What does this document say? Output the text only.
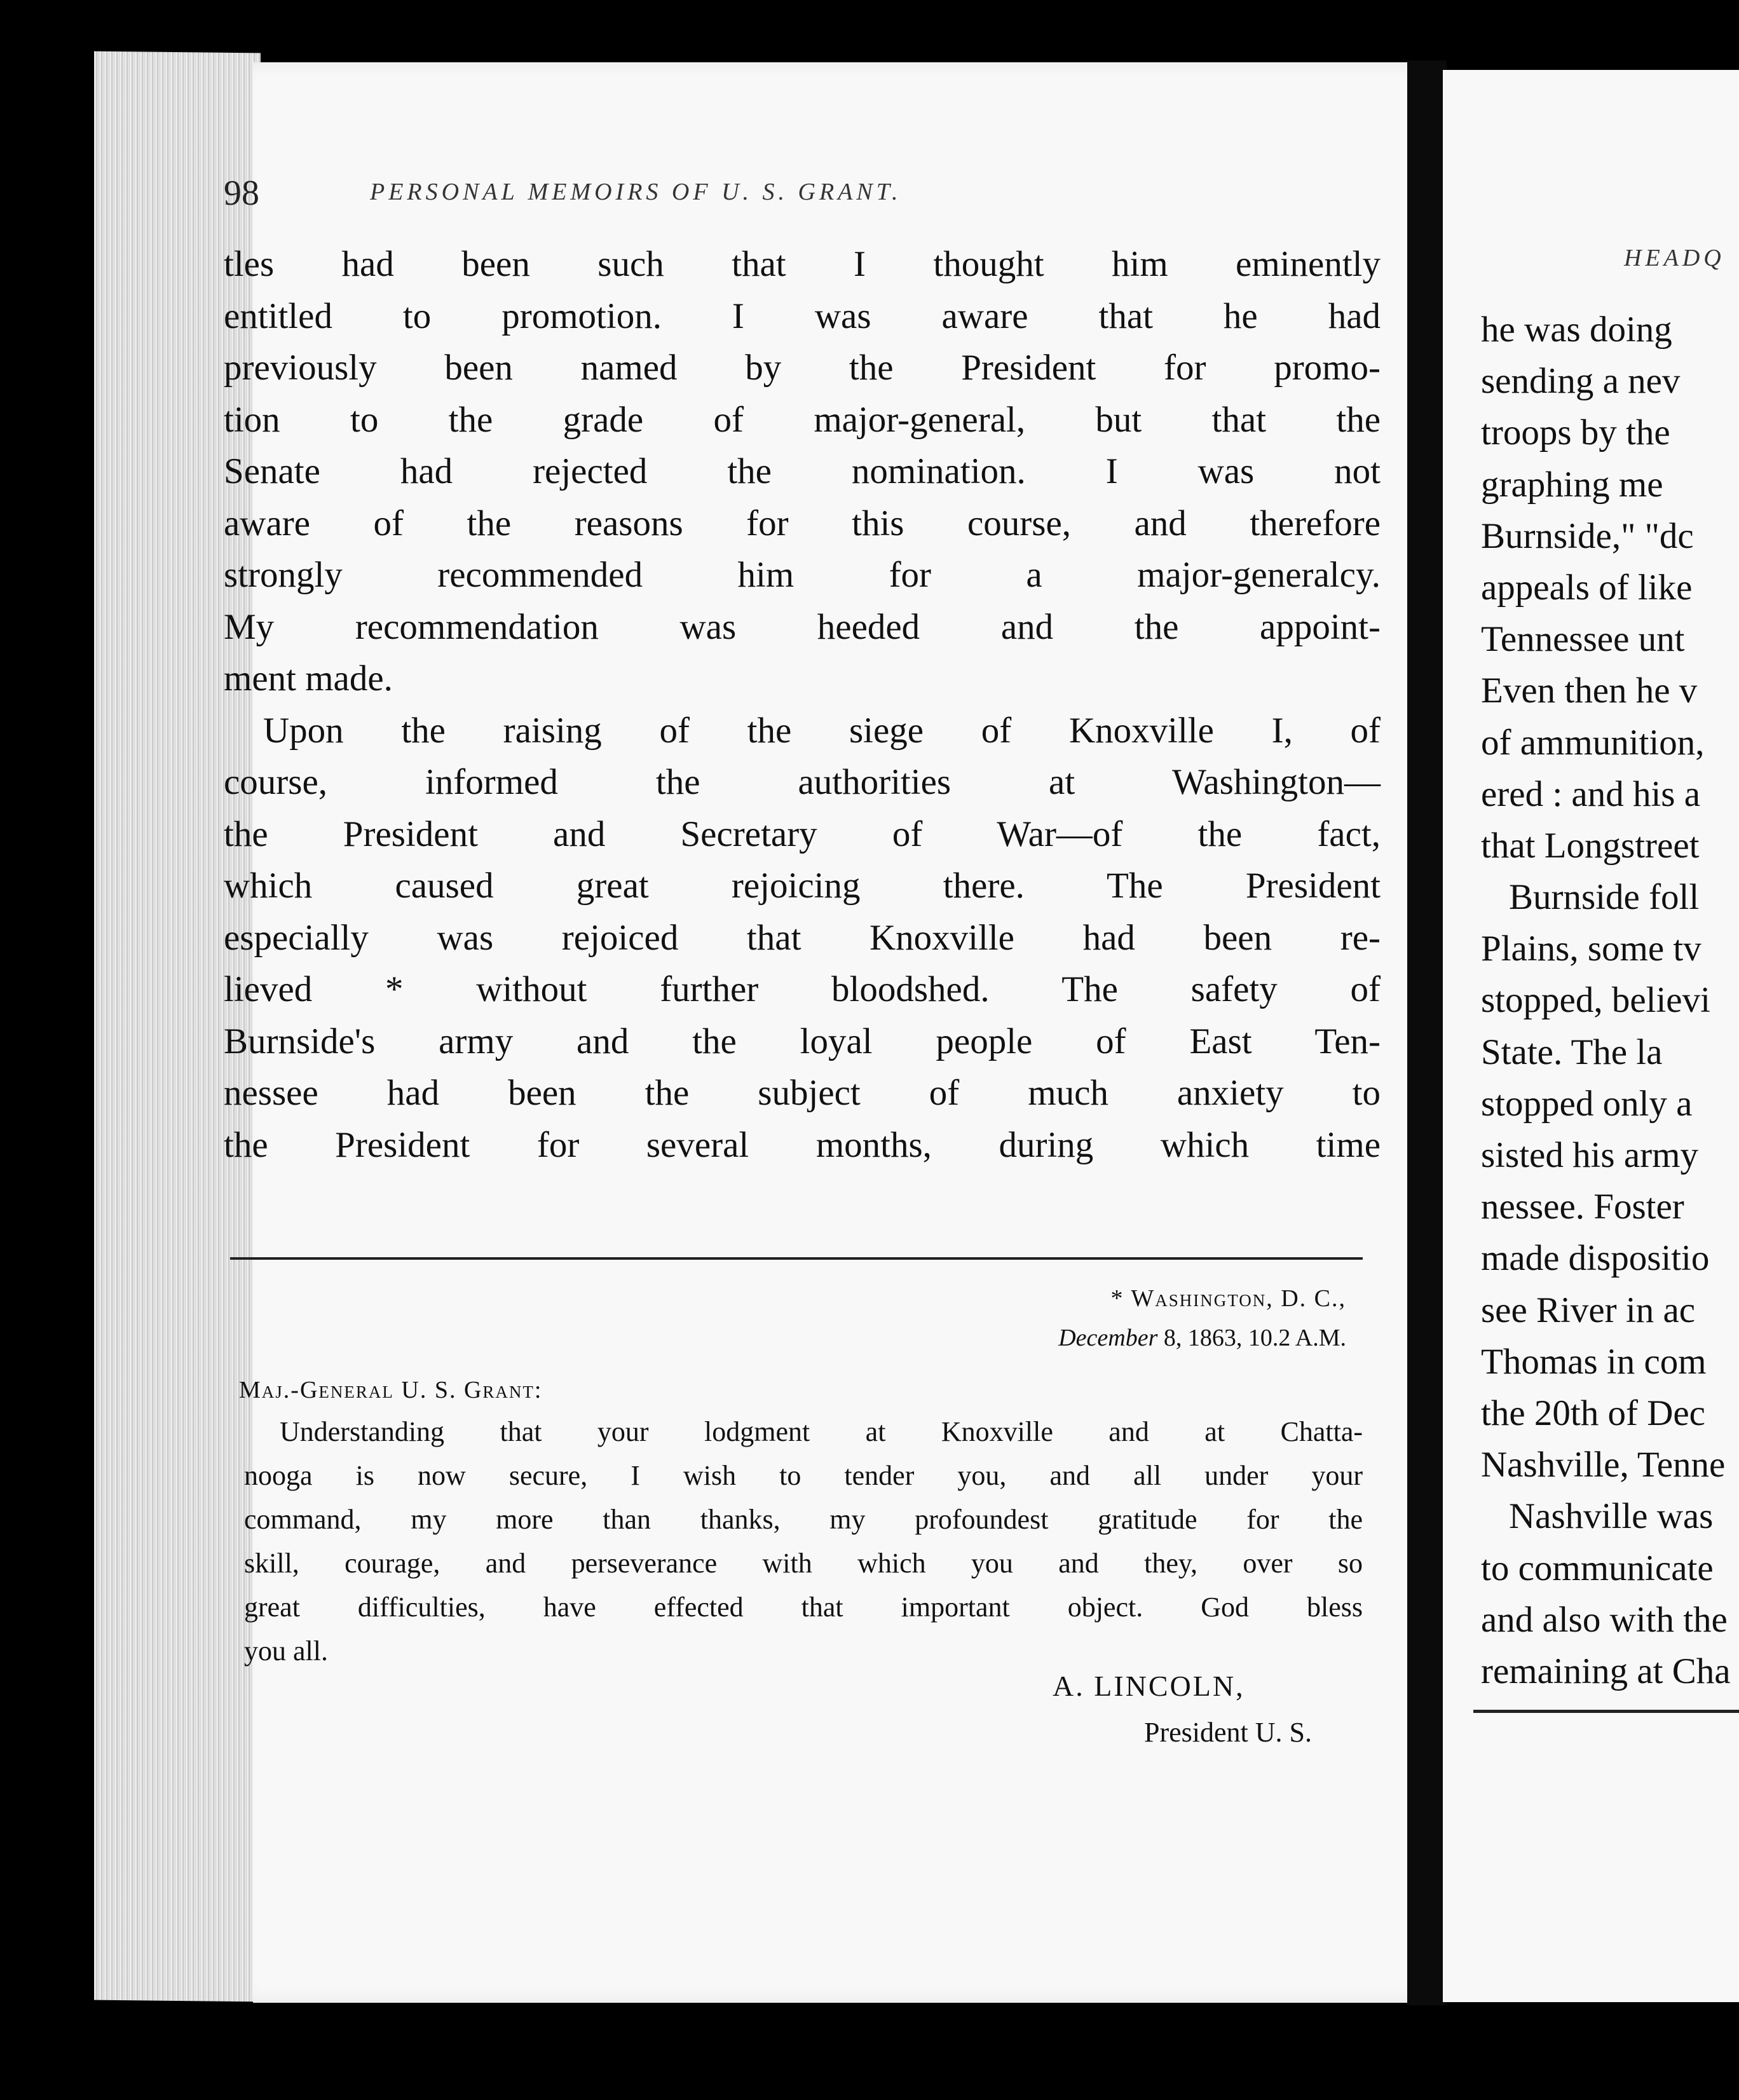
98	PERSONAL MEMOIRS OF U. S. GRANT.
tles had been such that I thought him eminently
entitled to promotion. I was aware that he had
previously been named by the President for promo-
tion to the grade of major-general, but that the
Senate had rejected the nomination. I was not
aware of the reasons for this course, and therefore
strongly recommended him for a major-generalcy.
My recommendation was heeded and the appoint-
ment made.
Upon the raising of the siege of Knoxville I, of
course, informed the authorities at Washington—
the President and Secretary of War—of the fact,
which caused great rejoicing there. The President
especially was rejoiced that Knoxville had been re-
lieved * without further bloodshed. The safety of
Burnside's army and the loyal people of East Ten-
nessee had been the subject of much anxiety to
the President for several months, during which time
* Washington, D. C.,
December 8, 1863, 10.2 A.M.
Maj.-General U. S. Grant:
Understanding that your lodgment at Knoxville and at Chatta-
nooga is now secure, I wish to tender you, and all under your
command, my more than thanks, my profoundest gratitude for the
skill, courage, and perseverance with which you and they, over so
great difficulties, have effected that important object. God bless
you all.
A. LINCOLN,
President U. S.
HEADQ
he was doing
sending a nev
troops by the
graphing me
Burnside," "dc
appeals of like
Tennessee unt
Even then he v
of ammunition,
ered : and his a
that Longstreet
Burnside foll
Plains, some tv
stopped, believi
State. The la
stopped only a
sisted his army
nessee. Foster
made dispositio
see River in ac
Thomas in com
the 20th of Dec
Nashville, Tenne
Nashville was
to communicate
and also with the
remaining at Cha
